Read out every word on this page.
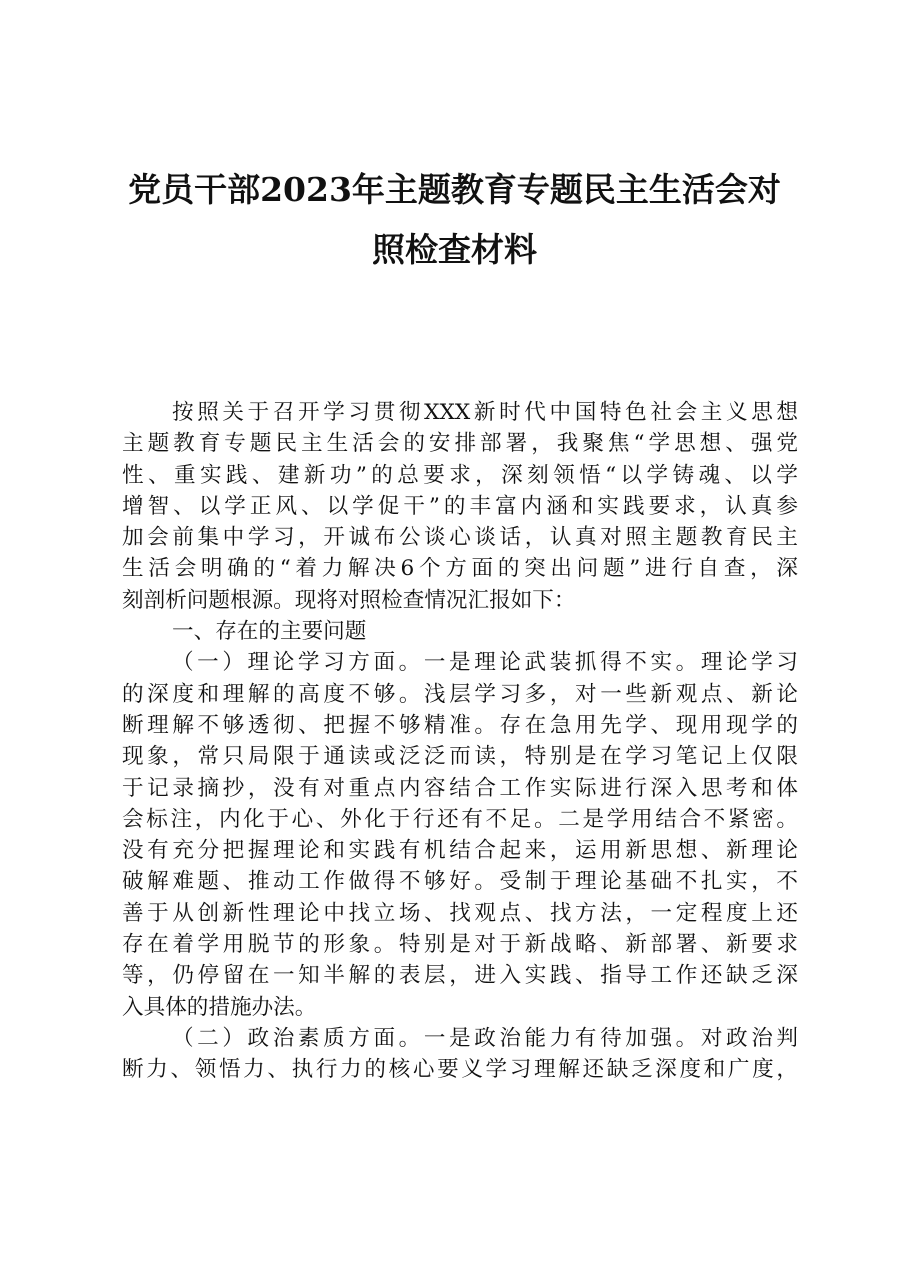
党员干部2023年主题教育专题民主生活会对
照检查材料
按照关于召开学习贯彻XXX新时代中国特色社会主义思想
主题教育专题民主生活会的安排部署，我聚焦“学思想、强党
性、重实践、建新功”的总要求，深刻领悟“以学铸魂、以学
增智、以学正风、以学促干”的丰富内涵和实践要求，认真参
加会前集中学习，开诚布公谈心谈话，认真对照主题教育民主
生活会明确的“着力解决6个方面的突出问题”进行自查，深
刻剖析问题根源。现将对照检查情况汇报如下：
一、存在的主要问题
（一）理论学习方面。一是理论武装抓得不实。理论学习
的深度和理解的高度不够。浅层学习多，对一些新观点、新论
断理解不够透彻、把握不够精准。存在急用先学、现用现学的
现象，常只局限于通读或泛泛而读，特别是在学习笔记上仅限
于记录摘抄，没有对重点内容结合工作实际进行深入思考和体
会标注，内化于心、外化于行还有不足。二是学用结合不紧密。
没有充分把握理论和实践有机结合起来，运用新思想、新理论
破解难题、推动工作做得不够好。受制于理论基础不扎实，不
善于从创新性理论中找立场、找观点、找方法，一定程度上还
存在着学用脱节的形象。特别是对于新战略、新部署、新要求
等，仍停留在一知半解的表层，进入实践、指导工作还缺乏深
入具体的措施办法。
（二）政治素质方面。一是政治能力有待加强。对政治判
断力、领悟力、执行力的核心要义学习理解还缺乏深度和广度，
